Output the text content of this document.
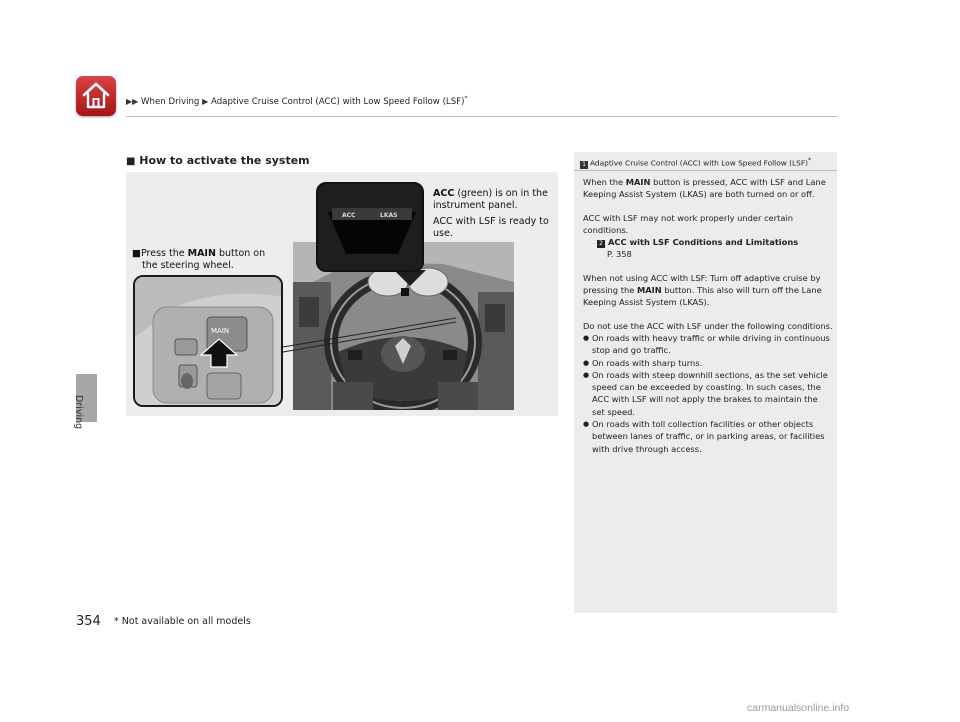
▶▶ When Driving ▶ Adaptive Cruise Control (ACC) with Low Speed Follow (LSF)*
Driving
■ How to activate the system
MAIN
ACC	LKAS
■Press the MAIN button on
the steering wheel.
ACC (green) is on in the
instrument panel.
ACC with LSF is ready to
use.
1 Adaptive Cruise Control (ACC) with Low Speed Follow (LSF)*

When the MAIN button is pressed, ACC with LSF and Lane Keeping Assist System (LKAS) are both turned on or off.

ACC with LSF may not work properly under certain conditions.
2 ACC with LSF Conditions and Limitations
P. 358

When not using ACC with LSF: Turn off adaptive cruise by pressing the MAIN button. This also will turn off the Lane Keeping Assist System (LKAS).

Do not use the ACC with LSF under the following conditions.

● On roads with heavy traffic or while driving in continuous stop and go traffic.
● On roads with sharp turns.
● On roads with steep downhill sections, as the set vehicle speed can be exceeded by coasting. In such cases, the ACC with LSF will not apply the brakes to maintain the set speed.
● On roads with toll collection facilities or other objects between lanes of traffic, or in parking areas, or facilities with drive through access.
354 * Not available on all models
carmanualsonline.info
